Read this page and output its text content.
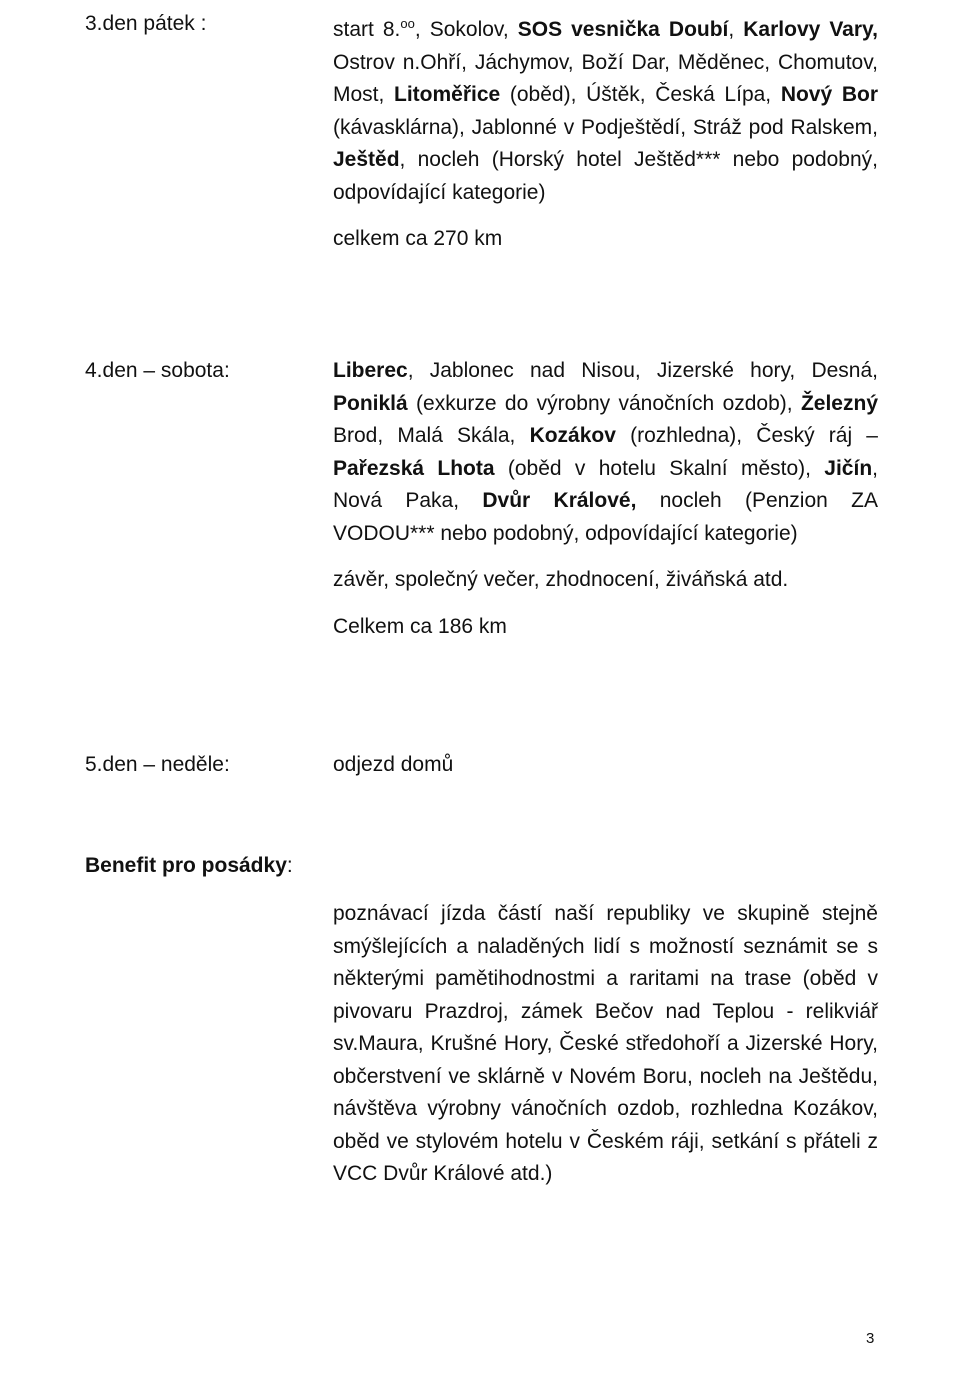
3.den pátek :	start 8.$^{oo}$, Sokolov, SOS vesnička Doubí, Karlovy Vary, Ostrov n.Ohří, Jáchymov, Boží Dar, Měděnec, Chomutov, Most, Litoměřice (oběd), Úštěk, Česká Lípa, Nový Bor (kávasklárna), Jablonné v Podještědí, Stráž pod Ralskem, Ještěd, nocleh (Horský hotel Ještěd*** nebo podobný, odpovídající kategorie)

celkem ca 270 km

4.den – sobota:	Liberec, Jablonec nad Nisou, Jizerské hory, Desná, Poniklá (exkurze do výrobny vánočních ozdob), Železný Brod, Malá Skála, Kozákov (rozhledna), Český ráj – Pařezská Lhota (oběd v hotelu Skalní město), Jičín, Nová Paka, Dvůr Králové, nocleh (Penzion ZA VODOU*** nebo podobný, odpovídající kategorie)

závěr, společný večer, zhodnocení, živáňská atd.

Celkem ca 186 km

5.den – neděle:	odjezd domů

Benefit pro posádky:

poznávací jízda částí naší republiky ve skupině stejně smýšlejících a naladěných lidí s možností seznámit se s některými pamětihodnostmi a raritami na trase (oběd v pivovaru Prazdroj, zámek Bečov nad Teplou - relikviář sv.Maura, Krušné Hory, České středohoří a Jizerské Hory, občerstvení ve sklárně v Novém Boru, nocleh na Ještědu, návštěva výrobny vánočních ozdob, rozhledna Kozákov, oběd ve stylovém hotelu v Českém ráji, setkání s přáteli z VCC Dvůr Králové atd.)

3
